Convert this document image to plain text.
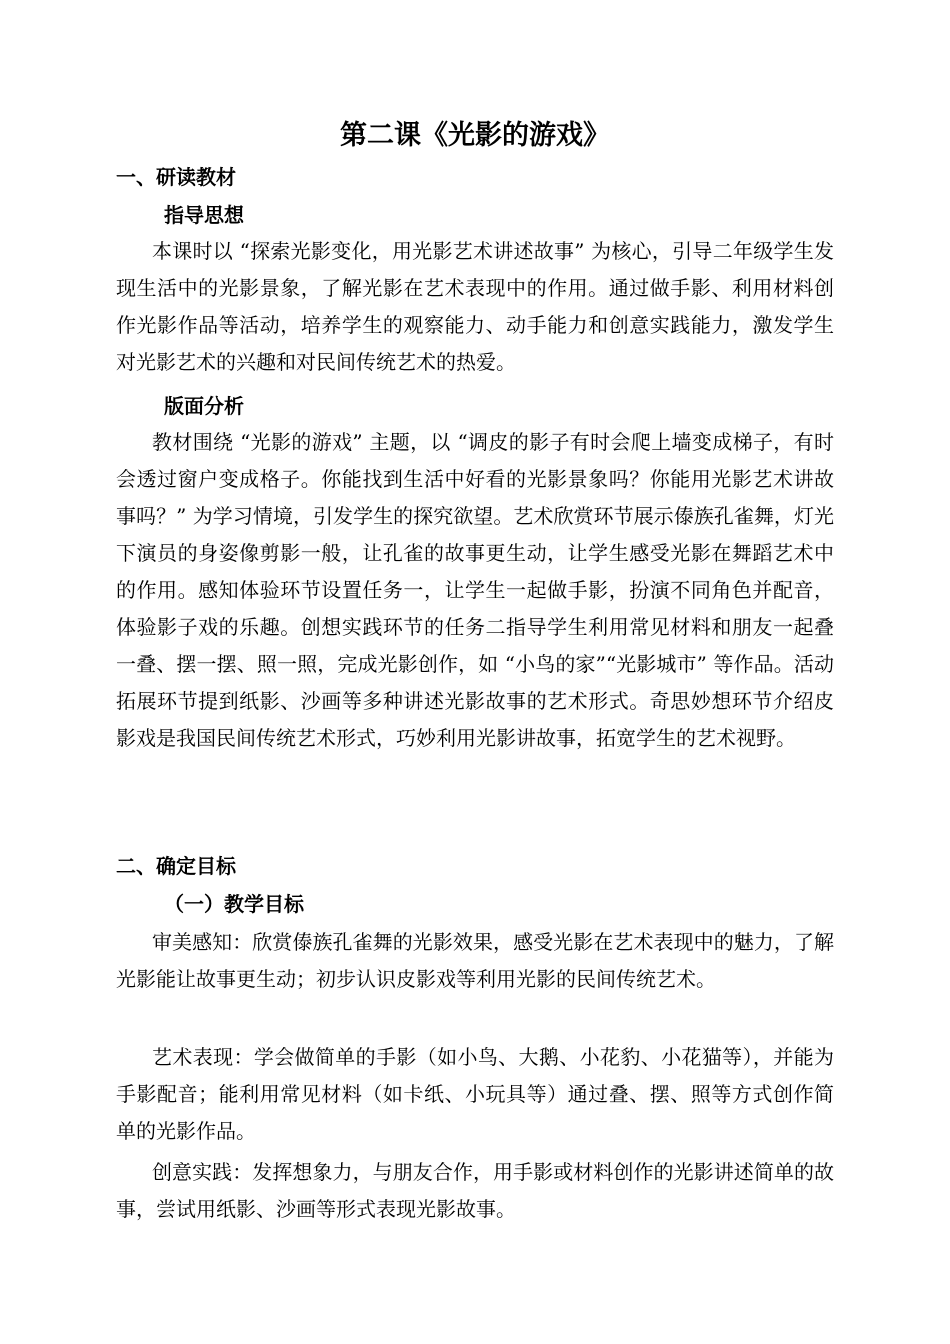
第二课《光影的游戏》
一、研读教材
指导思想

本课时以 “探索光影变化，用光影艺术讲述故事” 为核心，引导二年级学生发现生活中的光影景象，了解光影在艺术表现中的作用。通过做手影、利用材料创作光影作品等活动，培养学生的观察能力、动手能力和创意实践能力，激发学生对光影艺术的兴趣和对民间传统艺术的热爱。

版面分析

教材围绕 “光影的游戏” 主题，以 “调皮的影子有时会爬上墙变成梯子，有时会透过窗户变成格子。你能找到生活中好看的光影景象吗？你能用光影艺术讲故事吗？” 为学习情境，引发学生的探究欲望。艺术欣赏环节展示傣族孔雀舞，灯光下演员的身姿像剪影一般，让孔雀的故事更生动，让学生感受光影在舞蹈艺术中的作用。感知体验环节设置任务一，让学生一起做手影，扮演不同角色并配音，体验影子戏的乐趣。创想实践环节的任务二指导学生利用常见材料和朋友一起叠一叠、摆一摆、照一照，完成光影创作，如 “小鸟的家”“光影城市” 等作品。活动拓展环节提到纸影、沙画等多种讲述光影故事的艺术形式。奇思妙想环节介绍皮影戏是我国民间传统艺术形式，巧妙利用光影讲故事，拓宽学生的艺术视野。

二、确定目标
（一）教学目标

审美感知：欣赏傣族孔雀舞的光影效果，感受光影在艺术表现中的魅力，了解光影能让故事更生动；初步认识皮影戏等利用光影的民间传统艺术。

艺术表现：学会做简单的手影（如小鸟、大鹅、小花豹、小花猫等），并能为手影配音；能利用常见材料（如卡纸、小玩具等）通过叠、摆、照等方式创作简单的光影作品。

创意实践：发挥想象力，与朋友合作，用手影或材料创作的光影讲述简单的故事，尝试用纸影、沙画等形式表现光影故事。
